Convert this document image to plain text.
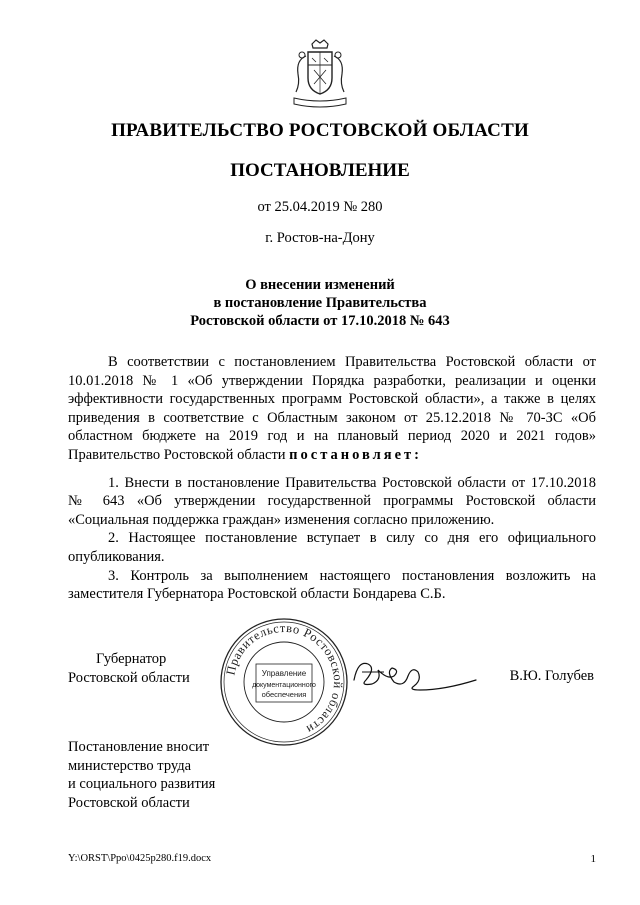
ПРАВИТЕЛЬСТВО РОСТОВСКОЙ ОБЛАСТИ
ПОСТАНОВЛЕНИЕ
от 25.04.2019 № 280
г. Ростов-на-Дону
О внесении изменений
в постановление Правительства
Ростовской области от 17.10.2018 № 643

В соответствии с постановлением Правительства Ростовской области от 10.01.2018 № 1 «Об утверждении Порядка разработки, реализации и оценки эффективности государственных программ Ростовской области», а также в целях приведения в соответствие с Областным законом от 25.12.2018 № 70-ЗС «Об областном бюджете на 2019 год и на плановый период 2020 и 2021 годов» Правительство Ростовской области постановляет:

1. Внести в постановление Правительства Ростовской области от 17.10.2018 № 643 «Об утверждении государственной программы Ростовской области «Социальная поддержка граждан» изменения согласно приложению.

2. Настоящее постановление вступает в силу со дня его официального опубликования.

3. Контроль за выполнением настоящего постановления возложить на заместителя Губернатора Ростовской области Бондарева С.Б.

Губернатор
Ростовской области	Правительство Ростовской области
Управление
документационного
обеспечения
В.Ю. Голубев
Постановление вносит
министерство труда
и социального развития
Ростовской области
Y:\ORST\Ppo\0425p280.f19.docx	1
